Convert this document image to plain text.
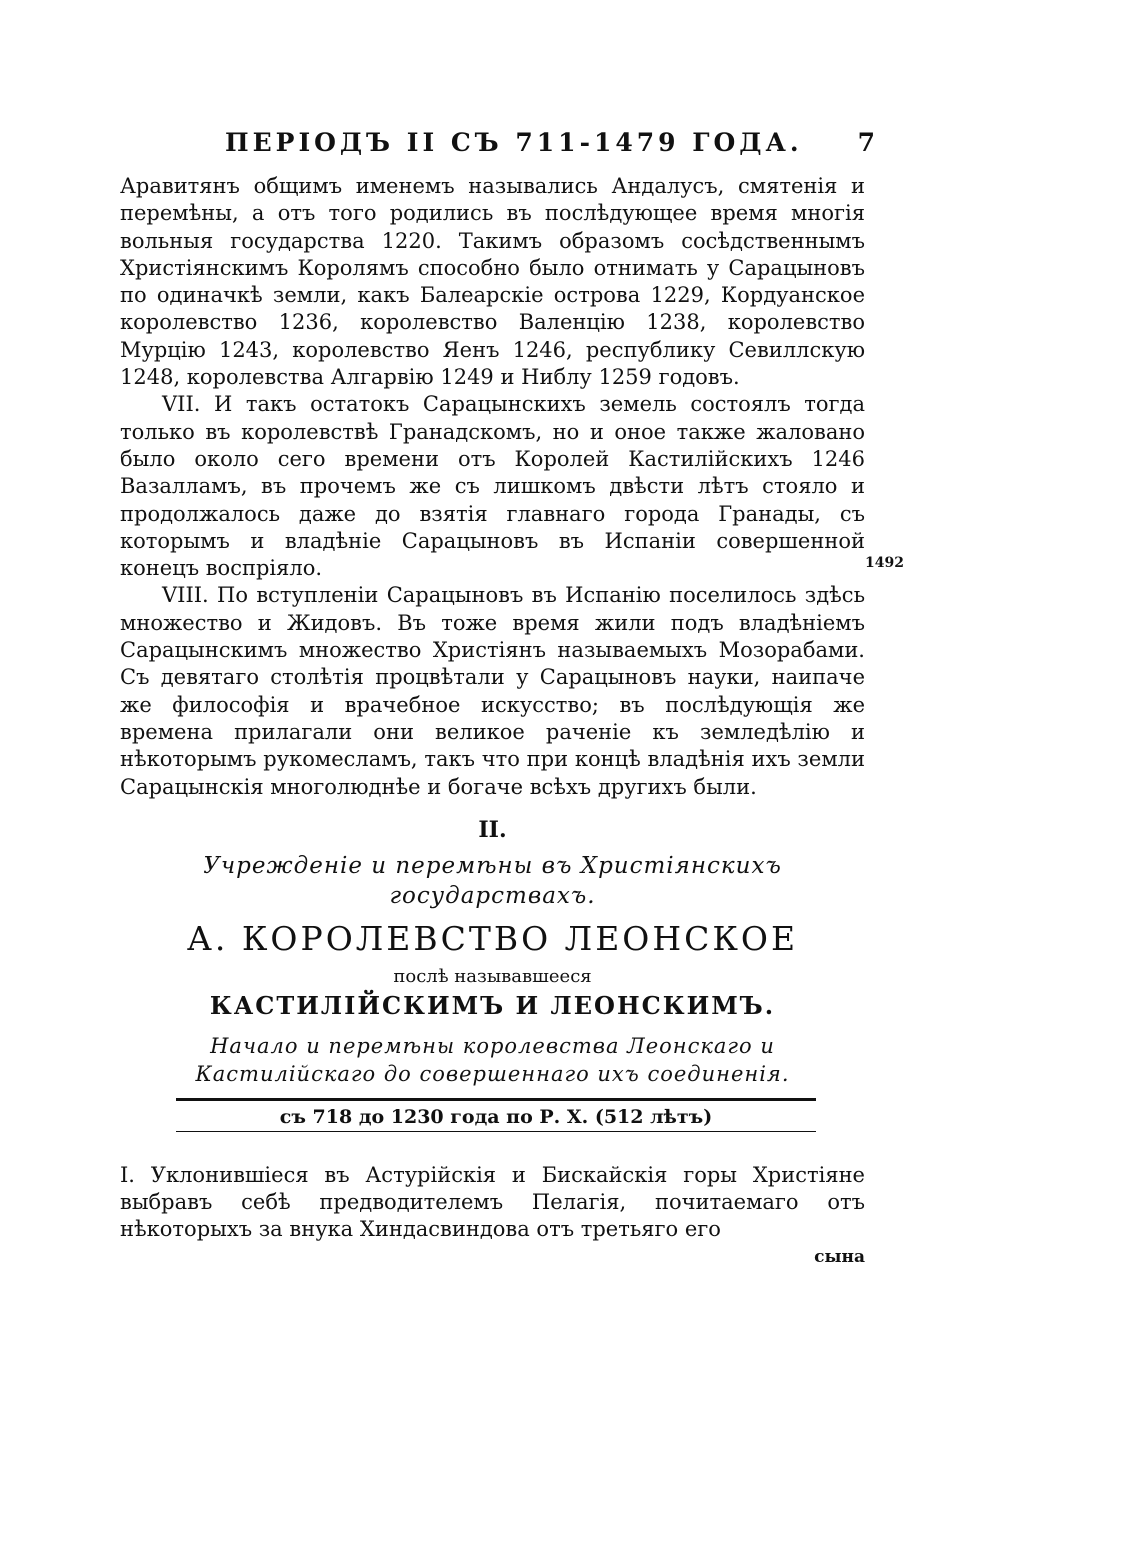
ПЕРІОДЪ II СЪ 711-1479 ГОДА. 7

Аравитянъ общимъ именемъ назывались Андалусъ, смятенія и перемѣны, а отъ того родились въ послѣдующее время многія вольныя государства 1220. Такимъ образомъ сосѣдственнымъ Христіянскимъ Королямъ способно было отнимать у Сарацыновъ по одиначкѣ земли, какъ Балеарскіе острова 1229, Кордуанское королевство 1236, королевство Валенцію 1238, королевство Мурцію 1243, королевство Яенъ 1246, республику Севиллскую 1248, королевства Алгарвію 1249 и Ниблу 1259 годовъ.

VII. И такъ остатокъ Сарацынскихъ земель состоялъ тогда только въ королевствѣ Гранадскомъ, но и оное также жаловано было около сего времени отъ Королей Кастилійскихъ 1246 Вазалламъ, въ прочемъ же съ лишкомъ двѣсти лѣтъ стояло и продолжалось даже до взятія главнаго города Гранады, съ которымъ и владѣніе Сарацыновъ въ Испаніи совершенной конецъ воспріяло.

VIII. По вступленіи Сарацыновъ въ Испанію поселилось здѣсь множество и Жидовъ. Въ тоже время жили подъ владѣніемъ Сарацынскимъ множество Христіянъ называемыхъ Мозорабами. Съ девятаго столѣтія процвѣтали у Сарацыновъ науки, наипаче же философія и врачебное искусство; въ послѣдующія же времена прилагали они великое раченіе къ земледѣлію и нѣкоторымъ рукомесламъ, такъ что при концѣ владѣнія ихъ земли Сарацынскія многолюднѣе и богаче всѣхъ другихъ были.

II.
Учрежденіе и перемѣны въ Христіянскихъ государствахъ.
А. КОРОЛЕВСТВО ЛЕОНСКОЕ
послѣ называвшееся
КАСТИЛІЙСКИМЪ И ЛЕОНСКИМЪ.
Начало и перемѣны королевства Леонскаго и Кастилійскаго до совершеннаго ихъ соединенія.
съ 718 до 1230 года по Р. Х. (512 лѣтъ)

I. Уклонившіеся въ Астурійскія и Бискайскія горы Христіяне выбравъ себѣ предводителемъ Пелагія, почитаемаго отъ нѣкоторыхъ за внука Хиндасвиндова отъ третьяго его

сына
1492
